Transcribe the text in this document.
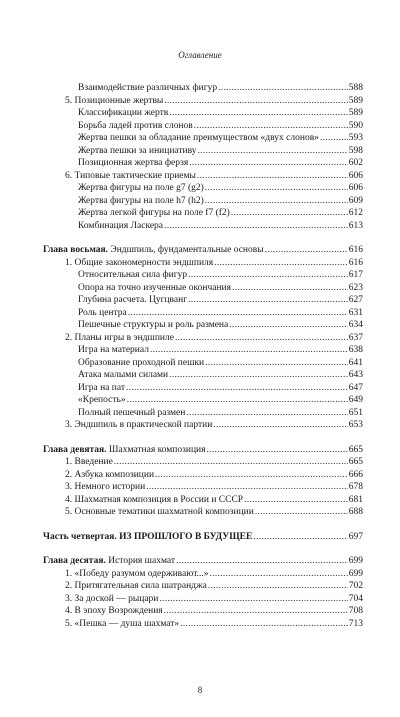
Оглавление
Взаимодействие различных фигур .....	588
5. Позиционные жертвы .....	589
Классификации жертв .....	589
Борьба ладей против слонов .....	590
Жертва пешки за обладание преимуществом «двух слонов» .....	593
Жертва пешки за инициативу .....	598
Позиционная жертва ферзя .....	602
6. Типовые тактические приемы .....	606
Жертва фигуры на поле g7 (g2) .....	606
Жертва фигуры на поле h7 (h2) .....	609
Жертва легкой фигуры на поле f7 (f2) .....	612
Комбинация Ласкера .....	613
Глава восьмая. Эндшпиль, фундаментальные основы .....	616
1. Общие закономерности эндшпиля .....	616
Относительная сила фигур .....	617
Опора на точно изученные окончания .....	623
Глубина расчета. Цугцванг .....	627
Роль центра .....	631
Пешечные структуры и роль размена .....	634
2. Планы игры в эндшпиле .....	637
Игра на материал .....	638
Образование проходной пешки .....	641
Атака малыми силами .....	643
Игра на пат .....	647
«Крепость» .....	649
Полный пешечный размен .....	651
3. Эндшпиль в практической партии .....	653
Глава девятая. Шахматная композиция .....	665
1. Введение .....	665
2. Азбука композиции .....	666
3. Немного истории .....	678
4. Шахматная композиция в России и СССР .....	681
5. Основные тематики шахматной композиции .....	688
Часть четвертая. ИЗ ПРОШЛОГО В БУДУЩЕЕ .....	697
Глава десятая. История шахмат .....	699
1. «Победу разумом одерживают...» .....	699
2. Притягательная сила шатранджа .....	702
3. За доской — рыцари .....	704
4. В эпоху Возрождения .....	708
5. «Пешка — душа шахмат» .....	713
8
